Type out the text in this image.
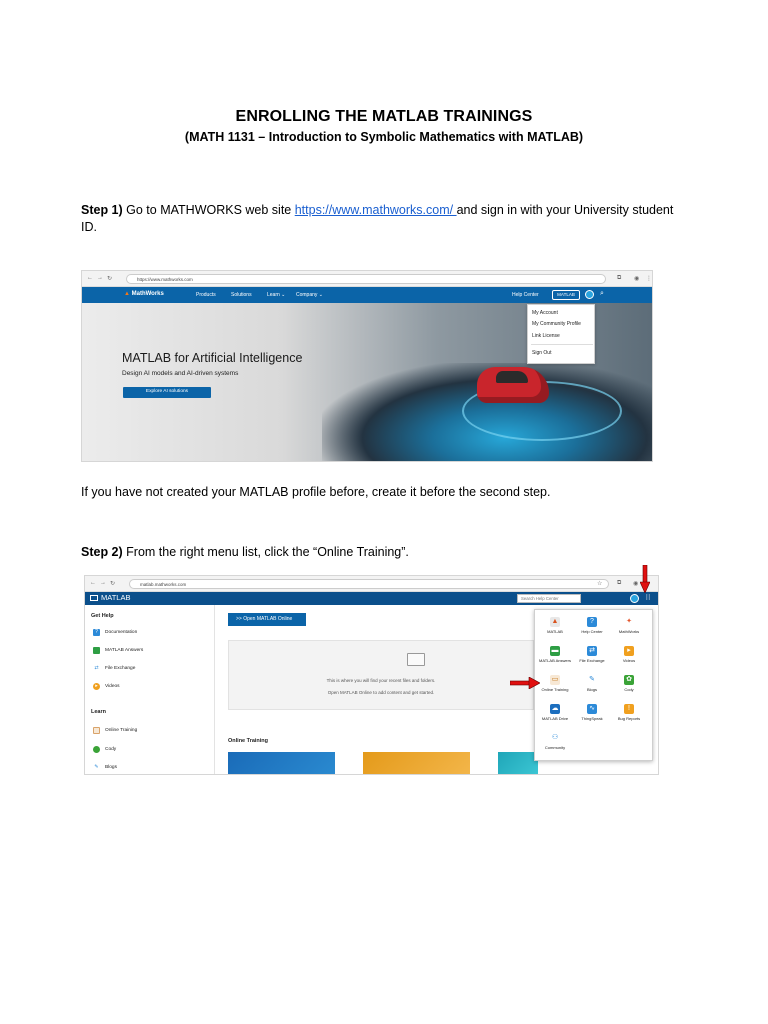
ENROLLING THE MATLAB TRAININGS
(MATH 1131 – Introduction to Symbolic Mathematics with MATLAB)
Step 1) Go to MATHWORKS web site https://www.mathworks.com/ and sign in with your University student ID.
← → ↻	https://www.mathworks.com	⧉ ◉ ⋮
▲ MathWorks	Products	Solutions	Learn ⌄ Company ⌄	Help Center	MATLAB	⌕
MATLAB for Artificial Intelligence
Design AI models and AI-driven systems
Explore AI solutions
My Account
My Community Profile
Link License
Sign Out
If you have not created your MATLAB profile before, create it before the second step.
Step 2) From the right menu list, click the “Online Training”.
← → ↻	matlab.mathworks.com	☆ ⧉ ◉
MATLAB	Search Help Center	⁝⁝
Get Help
?	Documentation
MATLAB Answers
⇄ File Exchange
▸	Videos
Learn
Online Training
Cody
✎ Blogs
>> Open MATLAB Online
This is where you will find your recent files and folders.
Open MATLAB Online to add content and get started.
Online Training
▲
MATLAB
?
Help Center
✦
MathWorks
▬
MATLAB Answers
⇄
File Exchange
▸
Videos
▭
Online Training
✎
Blogs
✿
Cody
☁
MATLAB Drive
∿
ThingSpeak
!
Bug Reports
⚇
Community
